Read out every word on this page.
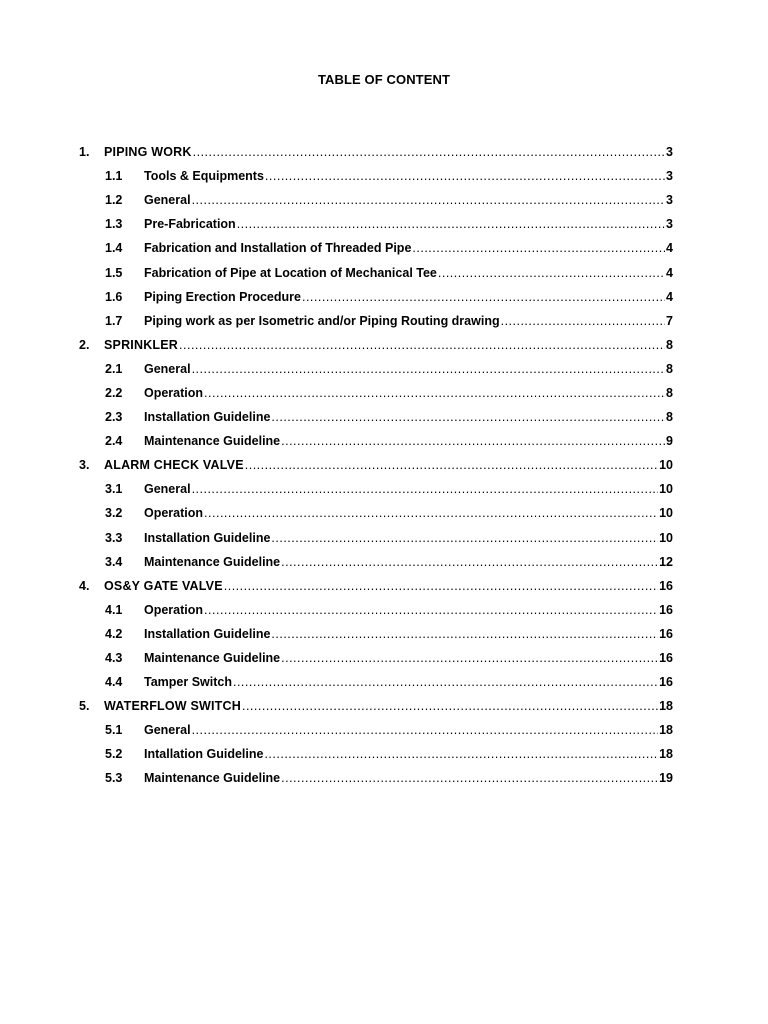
TABLE OF CONTENT
1.	PIPING WORK .....	3
1.1	Tools & Equipments .....	3
1.2	General .....	3
1.3	Pre-Fabrication .....	3
1.4	Fabrication and Installation of Threaded Pipe .....	4
1.5	Fabrication of Pipe at Location of Mechanical Tee .....	4
1.6	Piping Erection Procedure .....	4
1.7	Piping work as per Isometric and/or Piping Routing drawing .....	7
2.	SPRINKLER .....	8
2.1	General .....	8
2.2	Operation .....	8
2.3	Installation Guideline .....	8
2.4	Maintenance Guideline .....	9
3.	ALARM CHECK VALVE .....	10
3.1	General .....	10
3.2	Operation .....	10
3.3	Installation Guideline .....	10
3.4	Maintenance Guideline .....	12
4.	OS&Y GATE VALVE .....	16
4.1	Operation .....	16
4.2	Installation Guideline .....	16
4.3	Maintenance Guideline .....	16
4.4	Tamper Switch .....	16
5.	WATERFLOW SWITCH .....	18
5.1	General .....	18
5.2	Intallation Guideline .....	18
5.3	Maintenance Guideline .....	19
